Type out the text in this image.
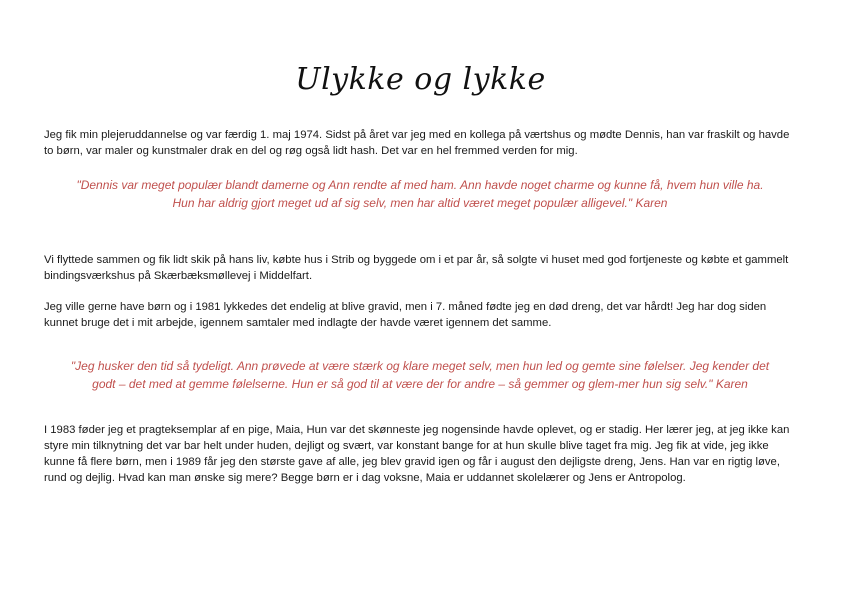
Ulykke og lykke

Jeg fik min plejeruddannelse og var færdig 1. maj 1974. Sidst på året var jeg med en kollega på værtshus og mødte Dennis, han var fraskilt og havde to børn, var maler og kunstmaler drak en del og røg også lidt hash. Det var en hel fremmed verden for mig.

"Dennis var meget populær blandt damerne og Ann rendte af med ham. Ann havde noget charme og kunne få, hvem hun ville ha. Hun har aldrig gjort meget ud af sig selv, men har altid været meget populær alligevel." Karen

Vi flyttede sammen og fik lidt skik på hans liv, købte hus i Strib og byggede om i et par år, så solgte vi huset med god fortjeneste og købte et gammelt bindingsværkshus på Skærbæksmøllevej i Middelfart.

Jeg ville gerne have børn og i 1981 lykkedes det endelig at blive gravid, men i 7. måned fødte jeg en død dreng, det var hårdt! Jeg har dog siden kunnet bruge det i mit arbejde, igennem samtaler med indlagte der havde været igennem det samme.

"Jeg husker den tid så tydeligt. Ann prøvede at være stærk og klare meget selv, men hun led og gemte sine følelser. Jeg kender det godt – det med at gemme følelserne. Hun er så god til at være der for andre – så gemmer og glem-mer hun sig selv." Karen

I 1983 føder jeg et pragteksemplar af en pige, Maia, Hun var det skønneste jeg nogensinde havde oplevet, og er stadig. Her lærer jeg, at jeg ikke kan styre min tilknytning det var bar helt under huden, dejligt og svært, var konstant bange for at hun skulle blive taget fra mig. Jeg fik at vide, jeg ikke kunne få flere børn, men i 1989 får jeg den største gave af alle, jeg blev gravid igen og får i august den dejligste dreng, Jens. Han var en rigtig løve, rund og dejlig. Hvad kan man ønske sig mere? Begge børn er i dag voksne, Maia er uddannet skolelærer og Jens er Antropolog.
